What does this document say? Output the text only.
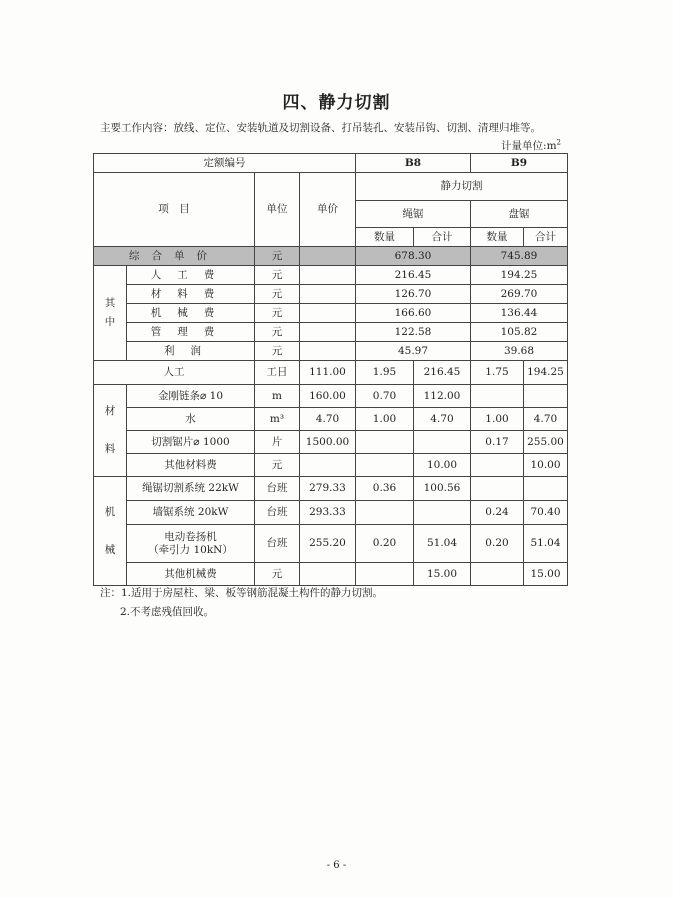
四、静力切割
主要工作内容：放线、定位、安装轨道及切割设备、打吊装孔、安装吊钩、切割、清理归堆等。
计量单位$:m^2$
定额编号				B8		B9	
项　目		单位	单价	静力切割			
				绳锯		盘锯	
				数量	合计	数量	合计
综合单价		元		678.30		745.89	
其
中	人工费	元		216.45		194.25	
	材料费	元		126.70		269.70	
	机械费	元		166.60		136.44	
	管理费	元		122.58		105.82	
	利润	元		45.97		39.68	
人工		工日	111.00	1.95	216.45	1.75	194.25
材

料	金刚链条⌀ 10	m	160.00	0.70	112.00		
	水	m³	4.70	1.00	4.70	1.00	4.70
	切割锯片⌀ 1000	片	1500.00			0.17	255.00
	其他材料费	元			10.00		10.00
机

械	绳锯切割系统 22kW	台班	279.33	0.36	100.56		
	墙锯系统 20kW	台班	293.33			0.24	70.40
	电动卷扬机
（牵引力 10kN）	台班	255.20	0.20	51.04	0.20	51.04
	其他机械费	元			15.00		15.00
注：1.适用于房屋柱、梁、板等钢筋混凝土构件的静力切割。
2.不考虑残值回收。
- 6 -
